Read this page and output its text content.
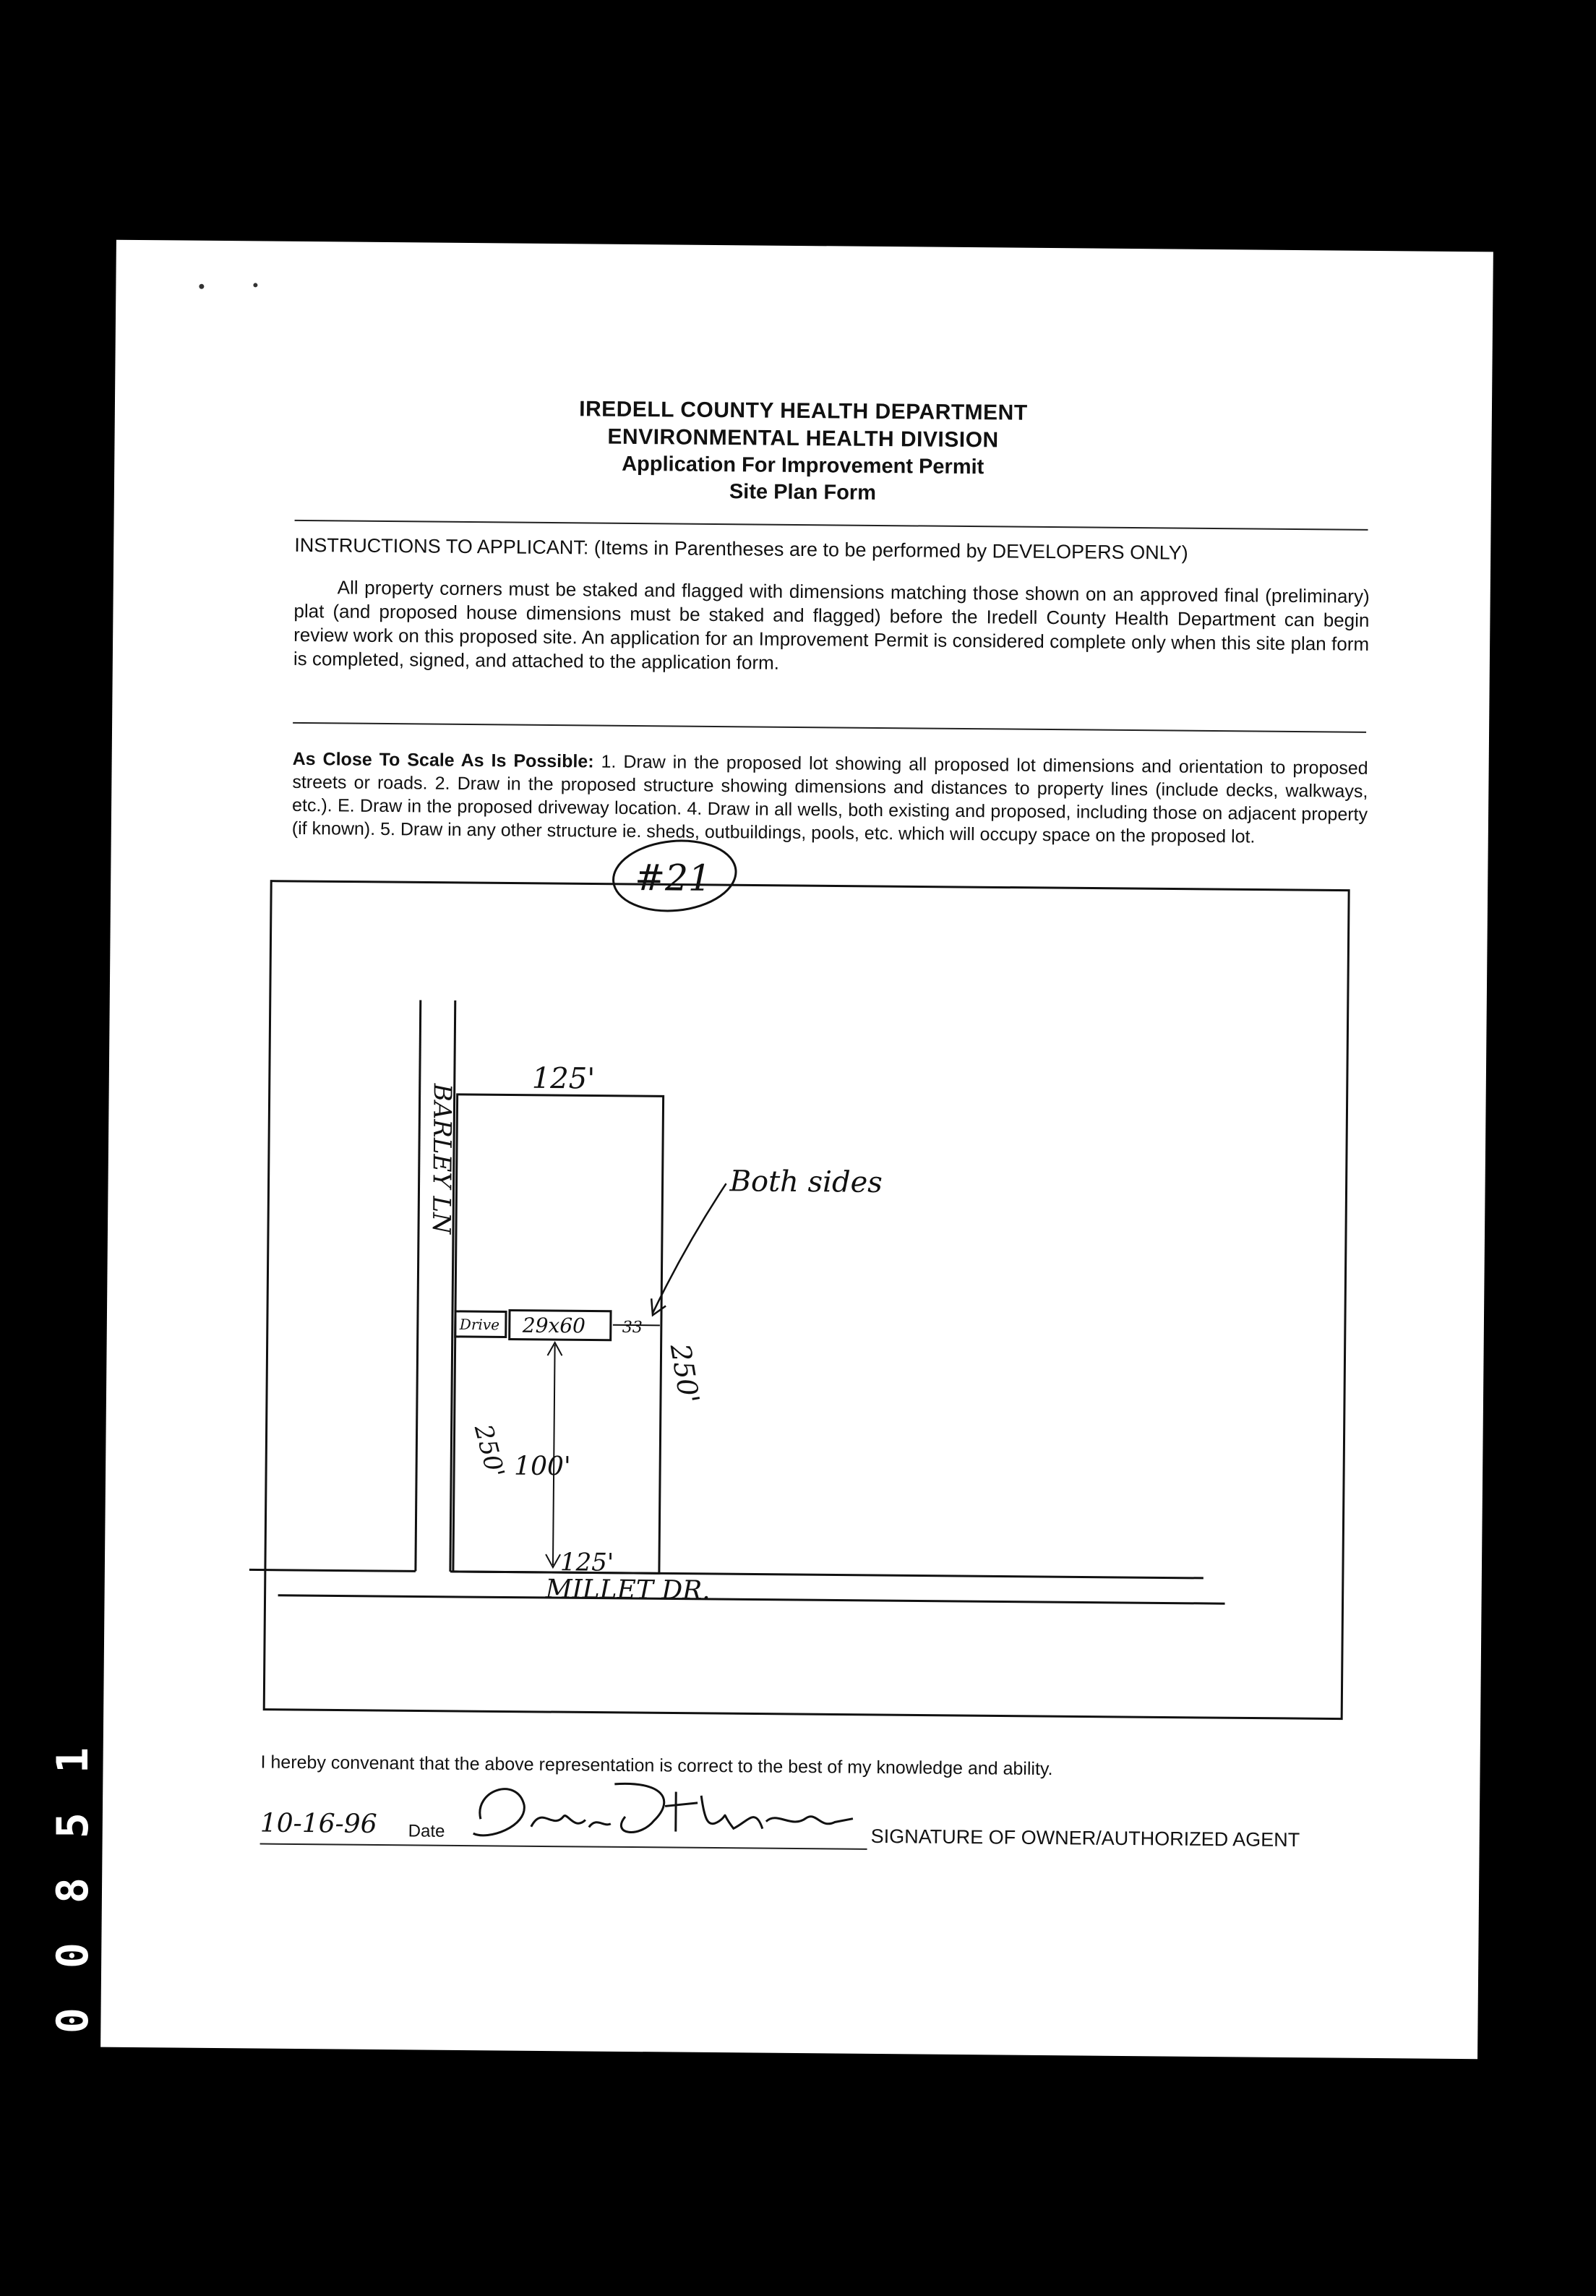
IREDELL COUNTY HEALTH DEPARTMENT
ENVIRONMENTAL HEALTH DIVISION
Application For Improvement Permit
Site Plan Form
INSTRUCTIONS TO APPLICANT: (Items in Parentheses are to be performed by DEVELOPERS ONLY)
All property corners must be staked and flagged with dimensions matching those shown on an approved final (preliminary) plat (and proposed house dimensions must be staked and flagged) before the Iredell County Health Department can begin review work on this proposed site. An application for an Improvement Permit is considered complete only when this site plan form is completed, signed, and attached to the application form.
As Close To Scale As Is Possible: 1. Draw in the proposed lot showing all proposed lot dimensions and orientation to proposed streets or roads. 2. Draw in the proposed structure showing dimensions and distances to property lines (include decks, walkways, etc.). E. Draw in the proposed driveway location. 4. Draw in all wells, both existing and proposed, including those on adjacent property (if known). 5. Draw in any other structure ie. sheds, outbuildings, pools, etc. which will occupy space on the proposed lot.
#21
BARLEY LN
MILLET DR.
125'
125'
250'
250'
Drive 29x60 33
100'
Both sides
I hereby convenant that the above representation is correct to the best of my knowledge and ability.
10-16-96 Date	SIGNATURE OF OWNER/AUTHORIZED AGENT
0
0
8
5
1
